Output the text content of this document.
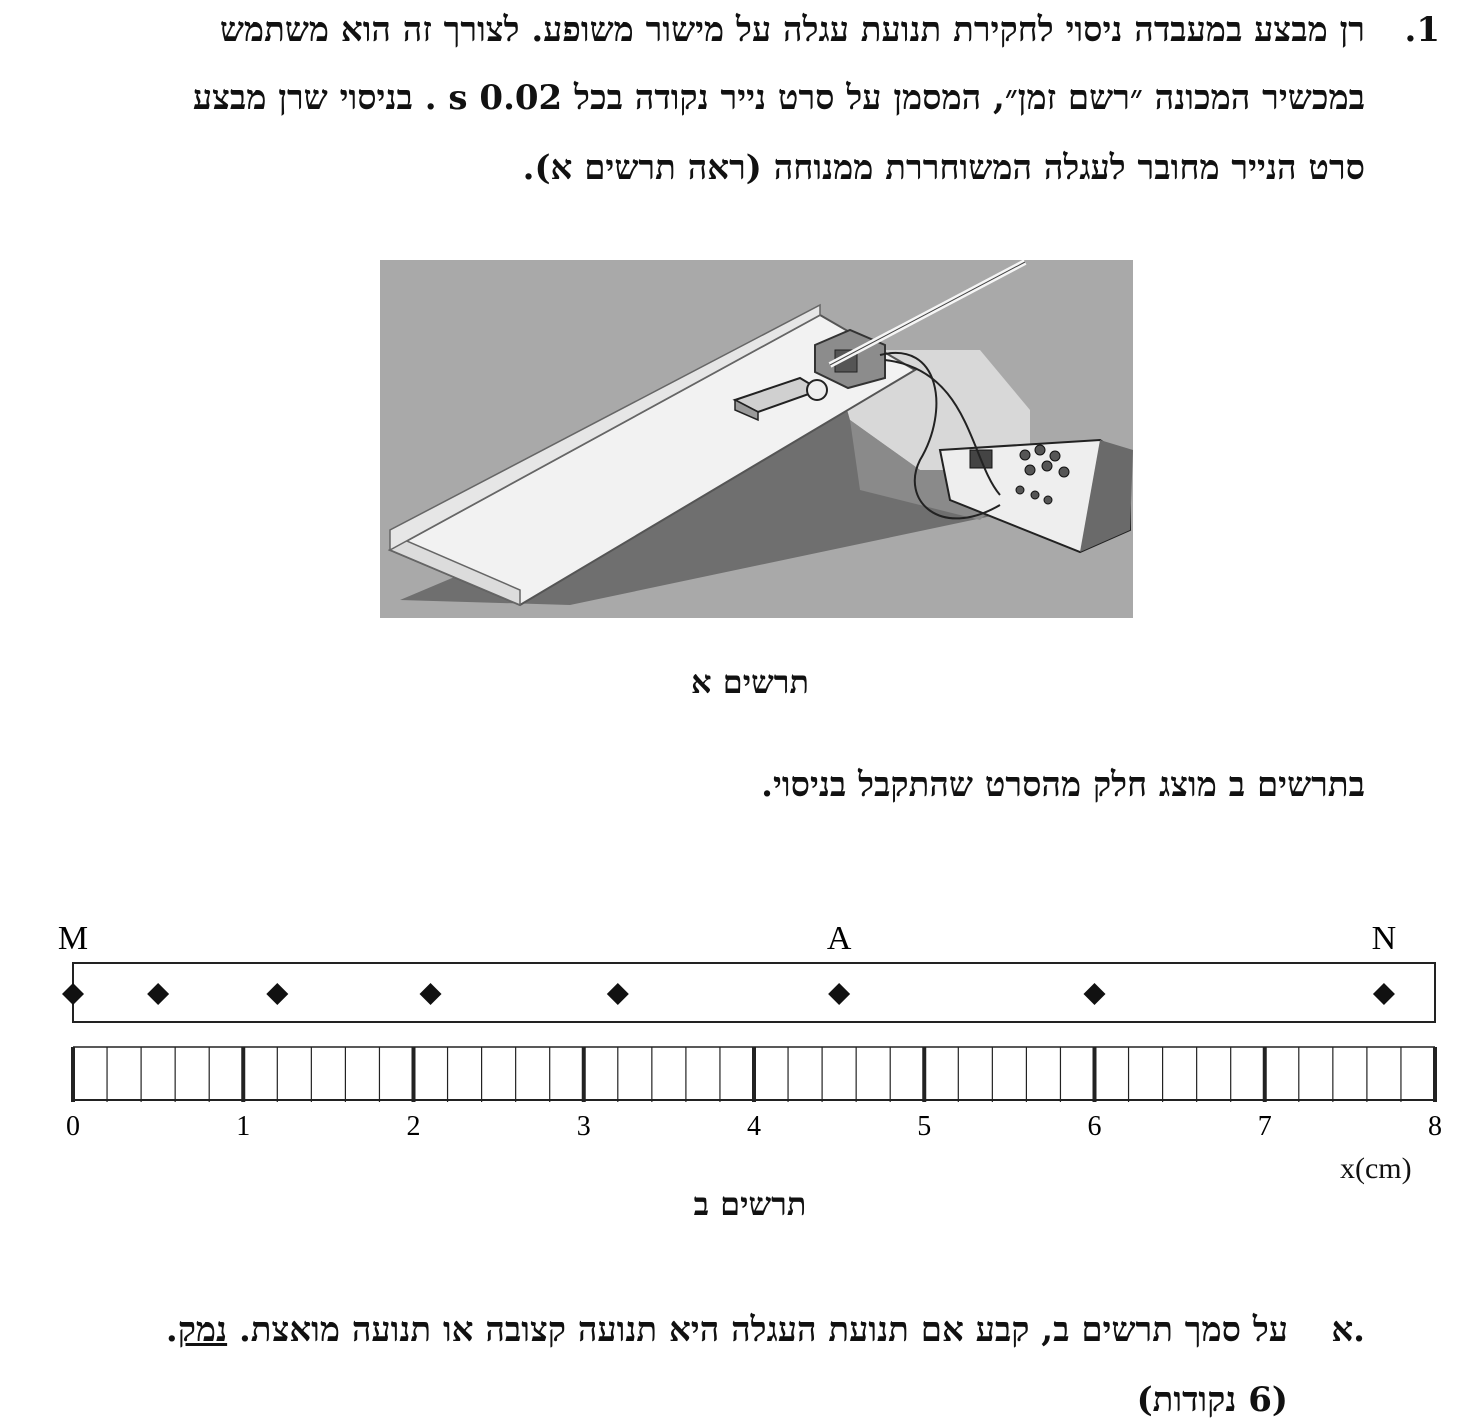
.1
רן מבצע במעבדה ניסוי לחקירת תנועת עגלה על מישור משופע. לצורך זה הוא משתמש
במכשיר המכונה ״רשם זמן״, המסמן על סרט נייר נקודה בכל 0.02 s . בניסוי שרן מבצע
סרט הנייר מחובר לעגלה המשוחררת ממנוחה (ראה תרשים א).
תרשים א
בתרשים ב מוצג חלק מהסרט שהתקבל בניסוי.
M	A	N
0	1	2	3	4	5	6	7	8
תרשים ב
א.
על סמך תרשים ב, קבע אם תנועת העגלה היא תנועה קצובה או תנועה מואצת. נמק.
(6 נקודות)
x(cm)
